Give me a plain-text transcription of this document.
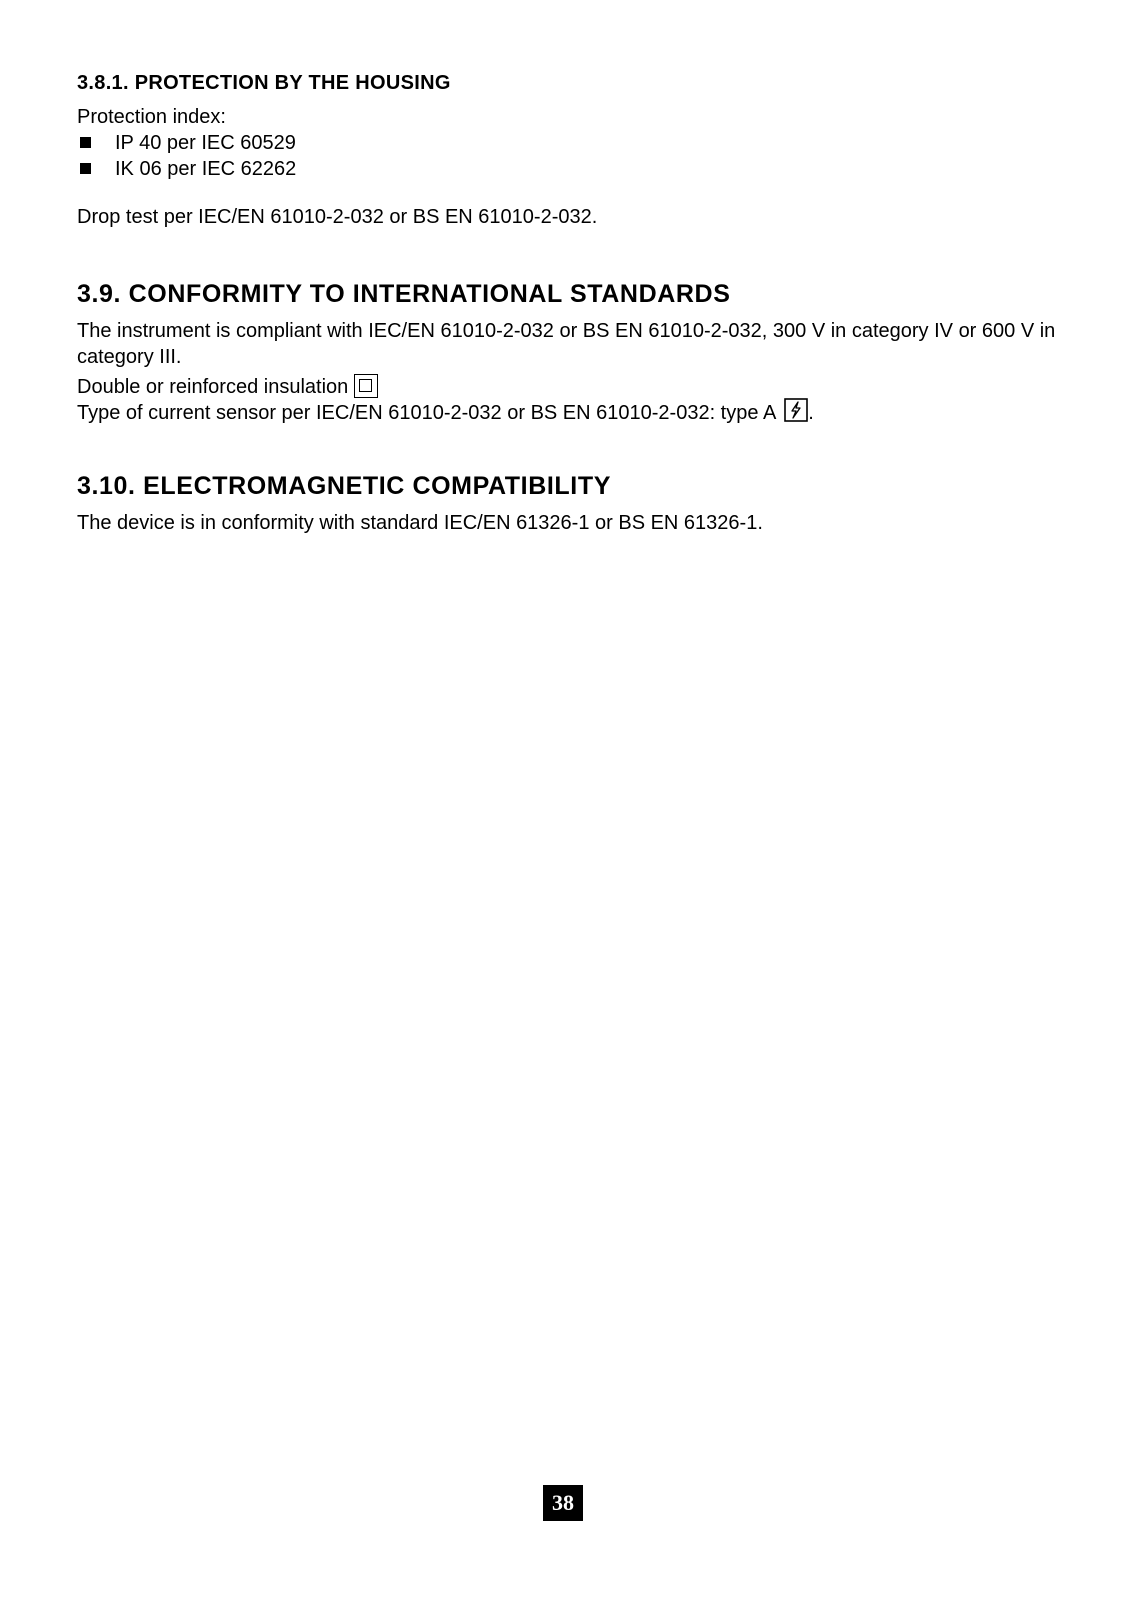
3.8.1. PROTECTION BY THE HOUSING

Protection index:

IP 40 per IEC 60529
IK 06 per IEC 62262

Drop test per IEC/EN 61010-2-032 or BS EN 61010-2-032.

3.9. CONFORMITY TO INTERNATIONAL STANDARDS

The instrument is compliant with IEC/EN 61010-2-032 or BS EN 61010-2-032, 300 V in category IV or 600 V in category III.

Double or reinforced insulation

Type of current sensor per IEC/EN 61010-2-032 or BS EN 61010-2-032: type A .

3.10. ELECTROMAGNETIC COMPATIBILITY

The device is in conformity with standard IEC/EN 61326-1 or BS EN 61326-1.

38
